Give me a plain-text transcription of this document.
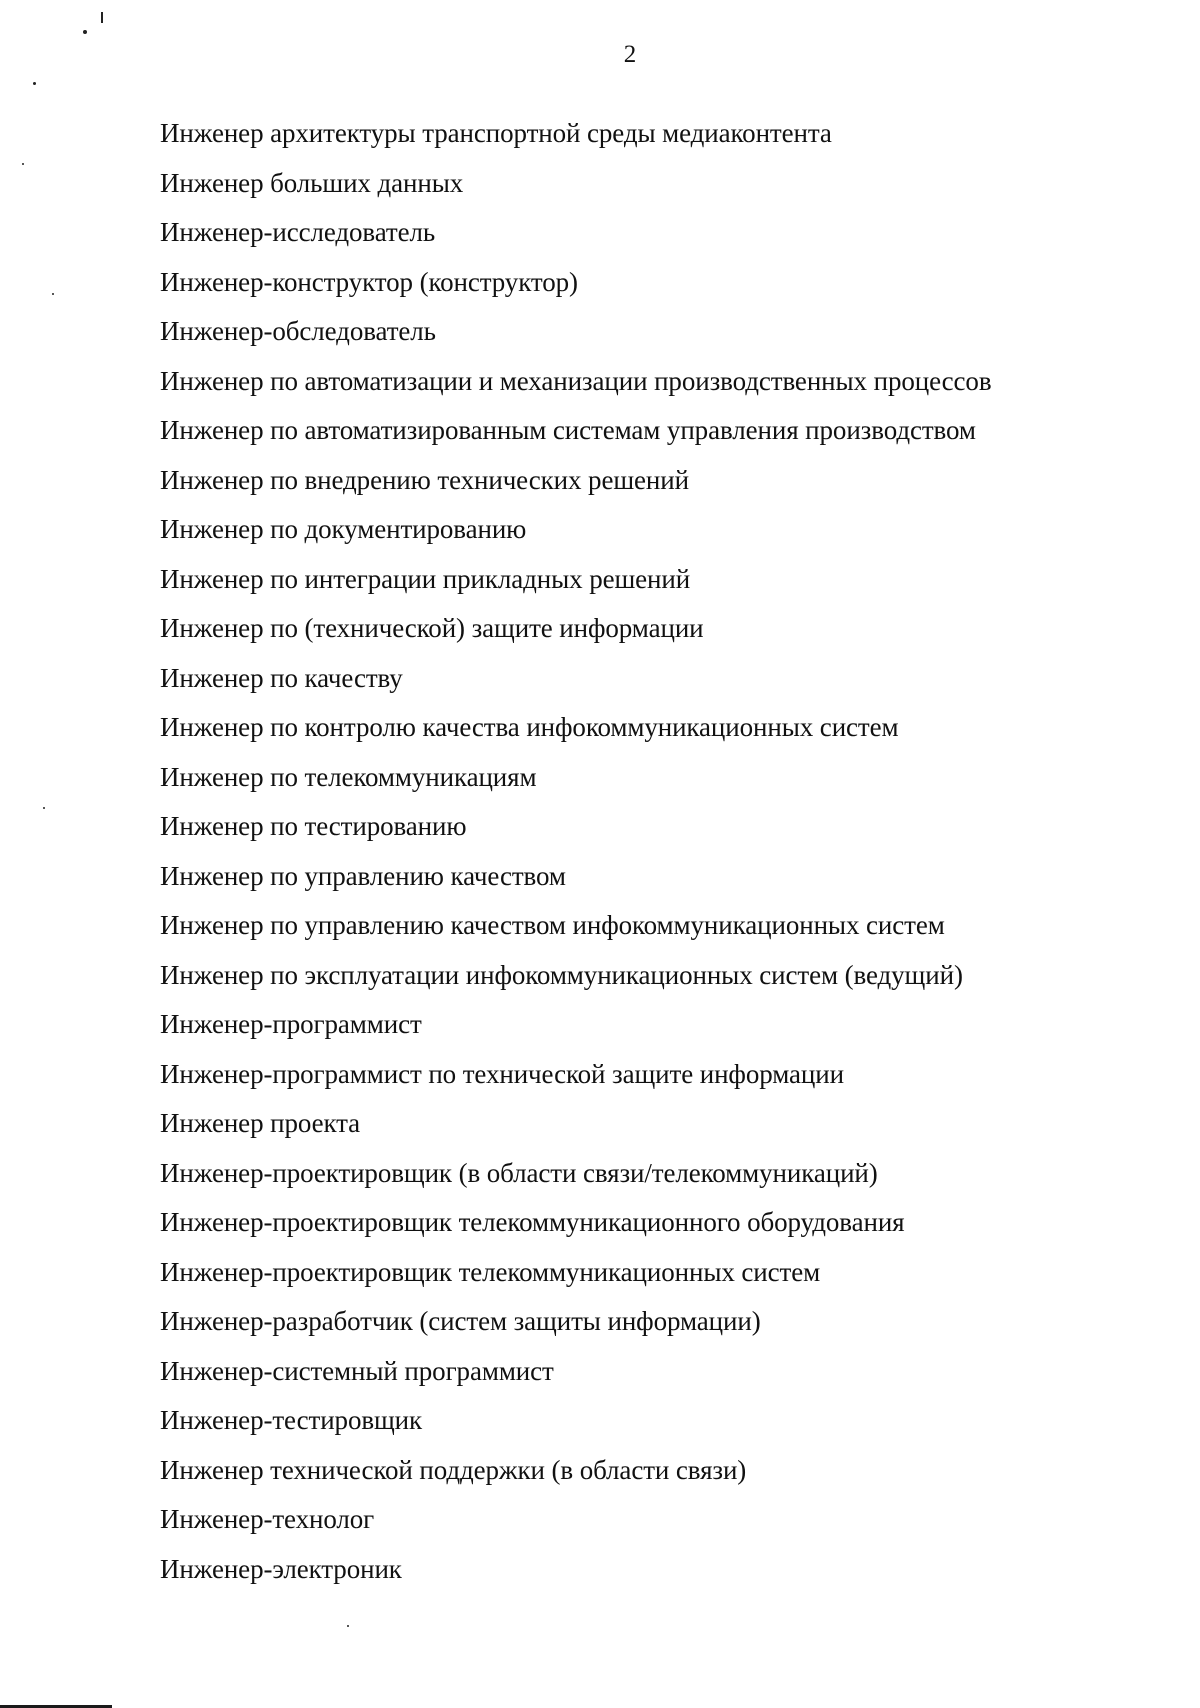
2
Инженер архитектуры транспортной среды медиаконтента
Инженер больших данных
Инженер-исследователь
Инженер-конструктор (конструктор)
Инженер-обследователь
Инженер по автоматизации и механизации производственных процессов
Инженер по автоматизированным системам управления производством
Инженер по внедрению технических решений
Инженер по документированию
Инженер по интеграции прикладных решений
Инженер по (технической) защите информации
Инженер по качеству
Инженер по контролю качества инфокоммуникационных систем
Инженер по телекоммуникациям
Инженер по тестированию
Инженер по управлению качеством
Инженер по управлению качеством инфокоммуникационных систем
Инженер по эксплуатации инфокоммуникационных систем (ведущий)
Инженер-программист
Инженер-программист по технической защите информации
Инженер проекта
Инженер-проектировщик (в области связи/телекоммуникаций)
Инженер-проектировщик телекоммуникационного оборудования
Инженер-проектировщик телекоммуникационных систем
Инженер-разработчик (систем защиты информации)
Инженер-системный программист
Инженер-тестировщик
Инженер технической поддержки (в области связи)
Инженер-технолог
Инженер-электроник
